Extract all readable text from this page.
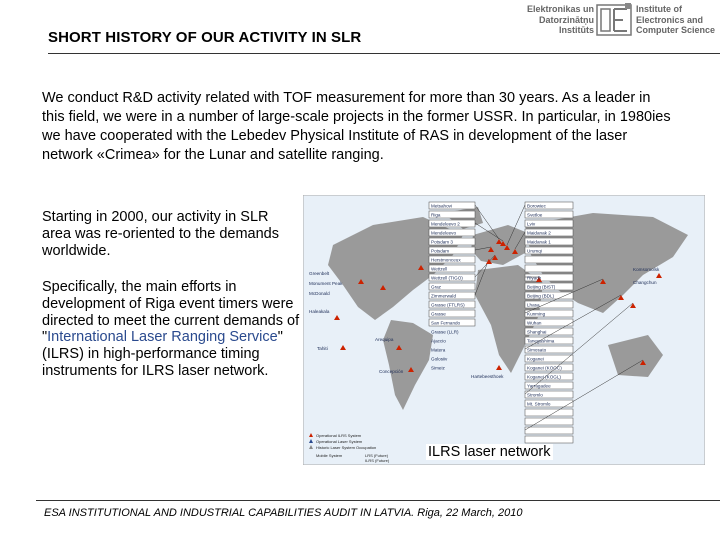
SHORT HISTORY OF OUR ACTIVITY IN SLR
Elektronikas un
Datorzinātņu
Institūts
Institute of
Electronics and
Computer Science
We conduct R&D activity related with TOF measurement for more than 30 years. As a leader in this field, we were in a number of large-scale projects in the former USSR. In particular, in 1980ies we have cooperated with the Lebedev Physical Institute of RAS in development of the laser network «Crimea» for the Lunar and satellite ranging.
Starting in 2000, our activity in SLR area was re-oriented to the demands worldwide.
Specifically, the main efforts in development of Riga event timers were directed to meet the current demands of "International Laser Ranging Service" (ILRS) in high-performance timing instruments for ILRS laser network.
Metsahovi
Riga
Mendeleevo 2
Mendeleevo
Potsdam 3
Potsdam
Herstmonceux
Wettzell
Wettzell (TIGO)
Graz
Zimmerwald
Grasse (FTLRS)
Grasse
San Fernando
Grasse (LLR)
Ajaccio
Matera
Golosiiv
Simeiz
Hartebeesthoek
Borowiec
Svetloe
Lviv
Maidanak 2
Maidanak 1
Urumqi
Komsomolsk
Changchun
Riyadh
Beijing (BIST)
Beijing (BDL)
Lhasa
Kunming
Wuhan
Shanghai
Tanegashima
Simosato
Koganei
Koganei (KOGC)
Koganei (KOGL)
Yarragadee
Stromlo
Mt. Stromlo
Greenbelt
Monument Peak
McDonald
Haleakala
Tahiti
Arequipa
Concepción
Operational ILRS System
Operational Laser System
Historic Laser System Occupation
Mobile System	LRS (Future)
ILRS (Future)
ILRS laser network
ESA INSTITUTIONAL AND INDUSTRIAL CAPABILITIES AUDIT IN LATVIA. Riga, 22 March, 2010
